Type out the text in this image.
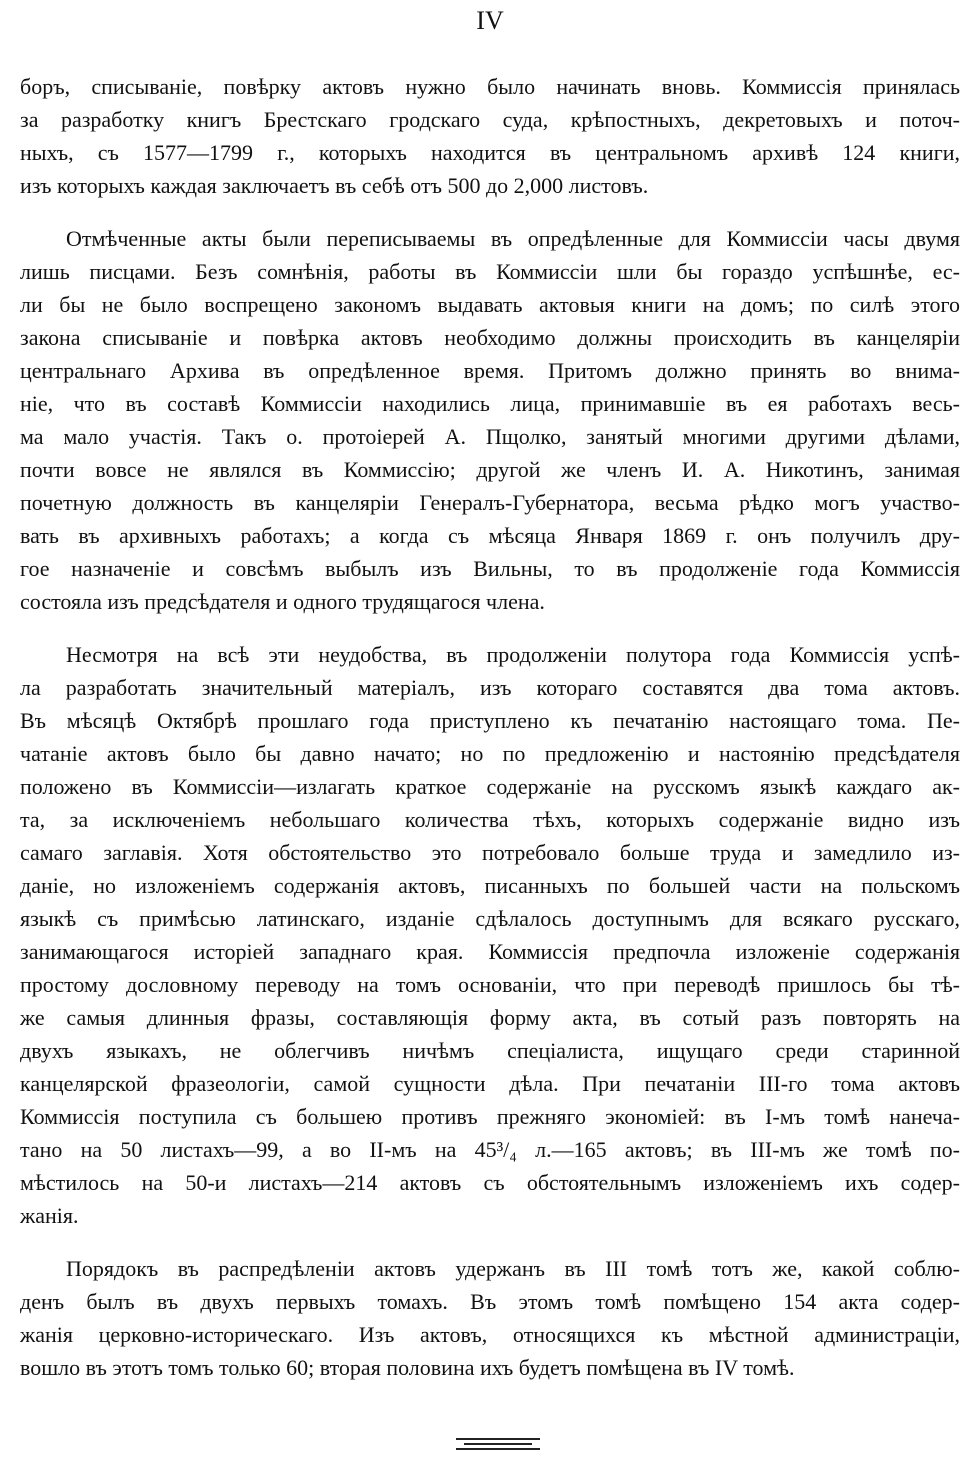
IV
боръ, списываніе, повѣрку актовъ нужно было начинать вновь. Коммиссія принялась
за разработку книгъ Брестскаго гродскаго суда, крѣпостныхъ, декретовыхъ и поточ-
ныхъ, съ 1577—1799 г., которыхъ находится въ центральномъ архивѣ 124 книги,
изъ которыхъ каждая заключаетъ въ себѣ отъ 500 до 2,000 листовъ.
Отмѣченные акты были переписываемы въ опредѣленные для Коммиссіи часы двумя
лишь писцами. Безъ сомнѣнія, работы въ Коммиссіи шли бы гораздо успѣшнѣе, ес-
ли бы не было воспрещено закономъ выдавать актовыя книги на домъ; по силѣ этого
закона списываніе и повѣрка актовъ необходимо должны происходить въ канцеляріи
центральнаго Архива въ опредѣленное время. Притомъ должно принять во внима-
ніе, что въ составѣ Коммиссіи находились лица, принимавшіе въ ея работахъ весь-
ма мало участія. Такъ о. протоіерей А. Пщолко, занятый многими другими дѣлами,
почти вовсе не являлся въ Коммиссію; другой же членъ И. А. Никотинъ, занимая
почетную должность въ канцеляріи Генералъ-Губернатора, весьма рѣдко могъ участво-
вать въ архивныхъ работахъ; а когда съ мѣсяца Января 1869 г. онъ получилъ дру-
гое назначеніе и совсѣмъ выбылъ изъ Вильны, то въ продолженіе года Коммиссія
состояла изъ предсѣдателя и одного трудящагося члена.
Несмотря на всѣ эти неудобства, въ продолженіи полутора года Коммиссія успѣ-
ла разработать значительный матеріалъ, изъ котораго составятся два тома актовъ.
Въ мѣсяцѣ Октябрѣ прошлаго года приступлено къ печатанію настоящаго тома. Пе-
чатаніе актовъ было бы давно начато; но по предложенію и настоянію предсѣдателя
положено въ Коммиссіи—излагать краткое содержаніе на русскомъ языкѣ каждаго ак-
та, за исключеніемъ небольшаго количества тѣхъ, которыхъ содержаніе видно изъ
самаго заглавія. Хотя обстоятельство это потребовало больше труда и замедлило из-
даніе, но изложеніемъ содержанія актовъ, писанныхъ по большей части на польскомъ
языкѣ съ примѣсью латинскаго, изданіе сдѣлалось доступнымъ для всякаго русскаго,
занимающагося исторіей западнаго края. Коммиссія предпочла изложеніе содержанія
простому дословному переводу на томъ основаніи, что при переводѣ пришлось бы тѣ-
же самыя длинныя фразы, составляющія форму акта, въ сотый разъ повторять на
двухъ языкахъ, не облегчивъ ничѣмъ спеціалиста, ищущаго среди старинной
канцелярской фразеологіи, самой сущности дѣла. При печатаніи III-го тома актовъ
Коммиссія поступила съ большею противъ прежняго экономіей: въ I-мъ томѣ нанеча-
тано на 50 листахъ—99, а во II-мъ на 45³/₄ л.—165 актовъ; въ III-мъ же томѣ по-
мѣстилось на 50-и листахъ—214 актовъ съ обстоятельнымъ изложеніемъ ихъ содер-
жанія.
Порядокъ въ распредѣленіи актовъ удержанъ въ III томѣ тотъ же, какой соблю-
денъ былъ въ двухъ первыхъ томахъ. Въ этомъ томѣ помѣщено 154 акта содер-
жанія церковно-историческаго. Изъ актовъ, относящихся къ мѣстной администраціи,
вошло въ этотъ томъ только 60; вторая половина ихъ будетъ помѣщена въ IV томѣ.
